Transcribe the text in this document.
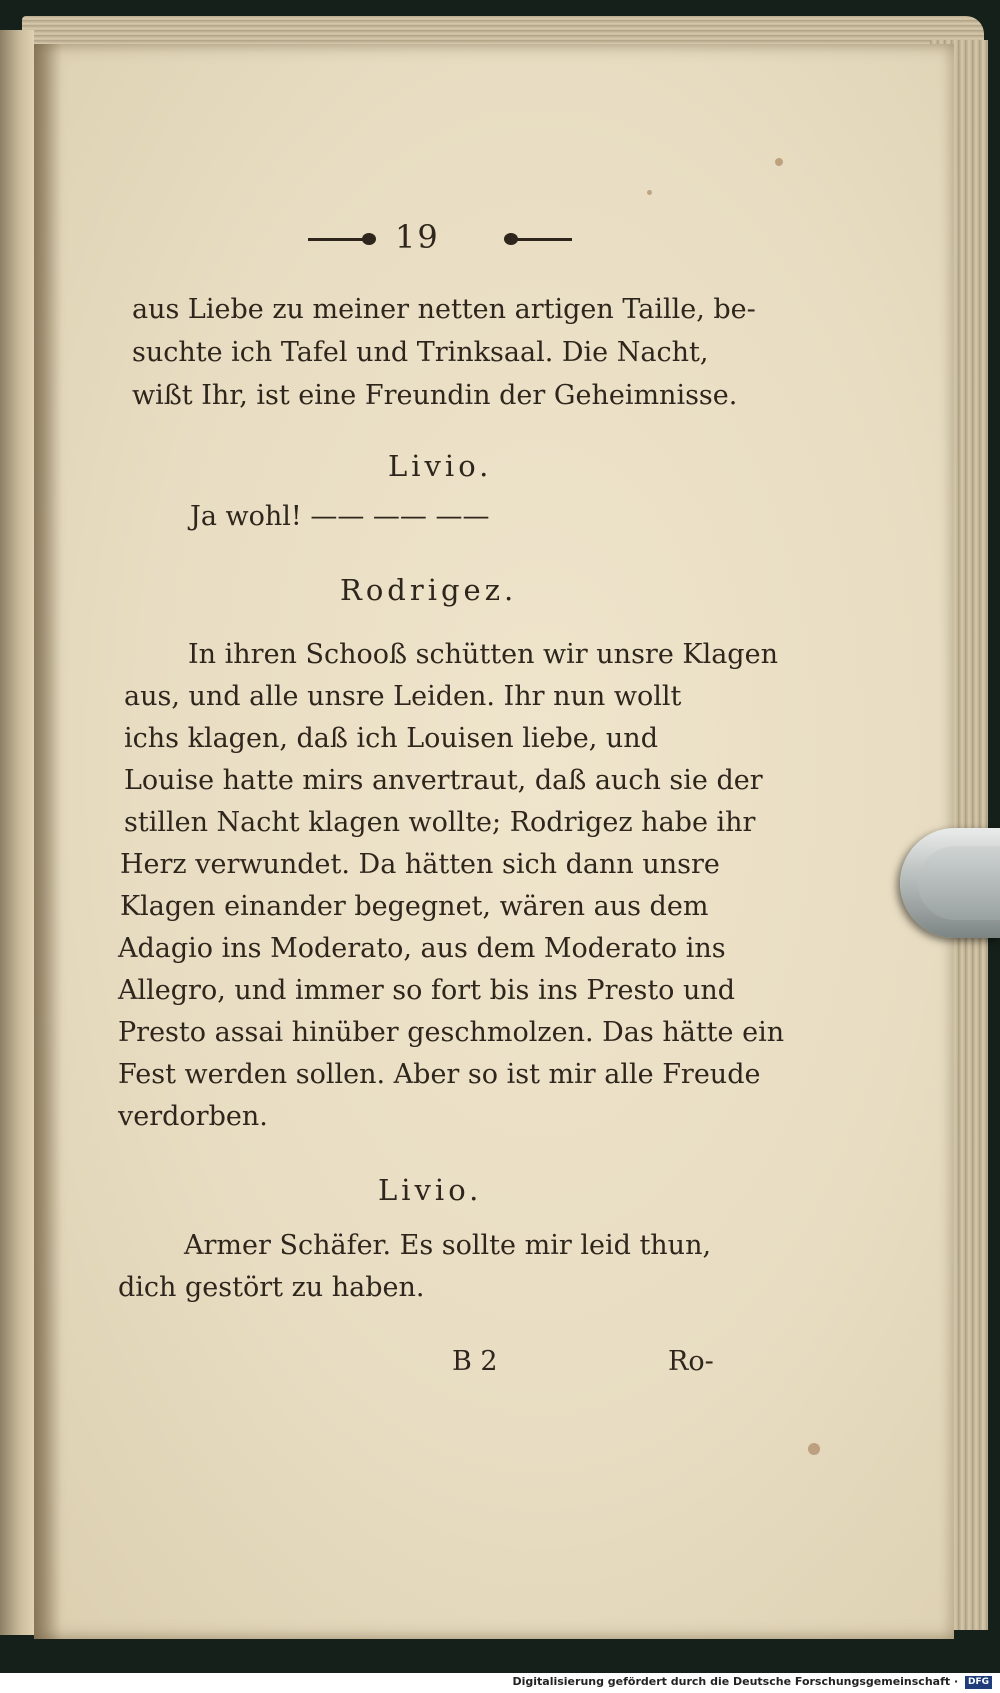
19
aus Liebe zu meiner netten artigen Taille, be-
suchte ich Tafel und Trinksaal. Die Nacht,
wißt Ihr, ist eine Freundin der Geheimnisse.
Livio.
Ja wohl! —— —— ——
Rodrigez.
In ihren Schooß schütten wir unsre Klagen
aus, und alle unsre Leiden. Ihr nun wollt
ichs klagen, daß ich Louisen liebe, und
Louise hatte mirs anvertraut, daß auch sie der
stillen Nacht klagen wollte; Rodrigez habe ihr
Herz verwundet. Da hätten sich dann unsre
Klagen einander begegnet, wären aus dem
Adagio ins Moderato, aus dem Moderato ins
Allegro, und immer so fort bis ins Presto und
Presto assai hinüber geschmolzen. Das hätte ein
Fest werden sollen. Aber so ist mir alle Freude
verdorben.
Livio.
Armer Schäfer. Es sollte mir leid thun,
dich gestört zu haben.
B 2	Ro-
Digitalisierung gefördert durch die Deutsche Forschungsgemeinschaft · DFG
